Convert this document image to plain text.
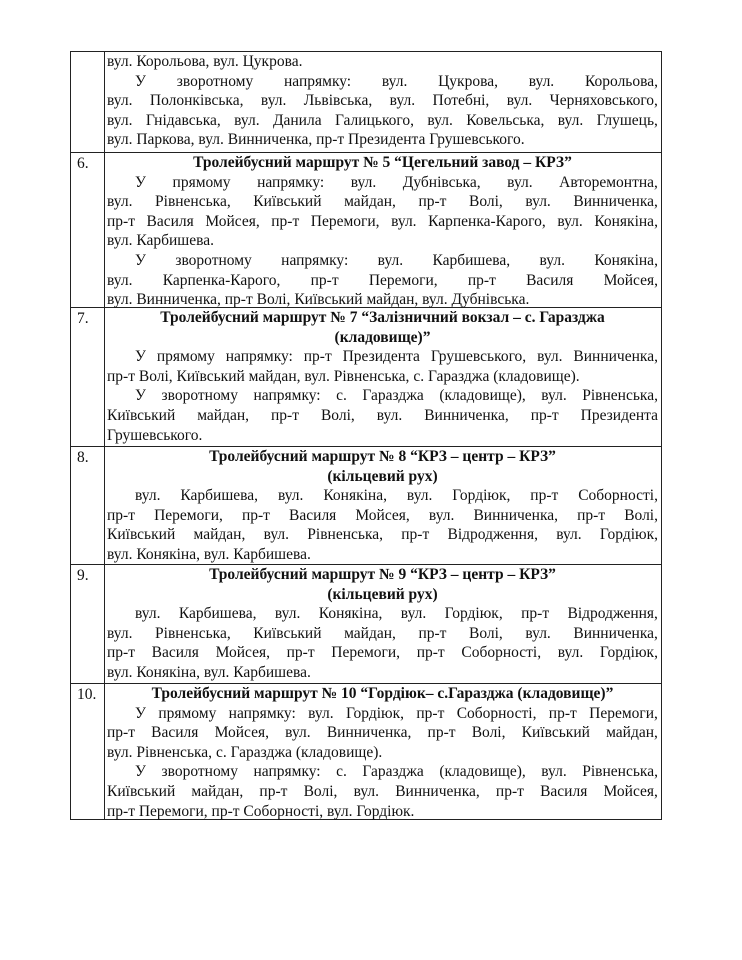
вул. Корольова, вул. Цукрова.
У зворотному напрямку: вул. Цукрова, вул. Корольова,
вул. Полонківська, вул. Львівська, вул. Потебні, вул. Черняховського,
вул. Гнідавська, вул. Данила Галицького, вул. Ковельська, вул. Глушець,
вул. Паркова, вул. Винниченка, пр-т Президента Грушевського.
6.	Тролейбусний маршрут № 5 “Цегельний завод – КРЗ”
У прямому напрямку: вул. Дубнівська, вул. Авторемонтна,
вул. Рівненська, Київський майдан, пр-т Волі, вул. Винниченка,
пр-т Василя Мойсея, пр-т Перемоги, вул. Карпенка-Карого, вул. Конякіна,
вул. Карбишева.
У зворотному напрямку: вул. Карбишева, вул. Конякіна,
вул. Карпенка-Карого, пр-т Перемоги, пр-т Василя Мойсея,
вул. Винниченка, пр-т Волі, Київський майдан, вул. Дубнівська.
7.	Тролейбусний маршрут № 7 “Залізничний вокзал – с. Гаразджа
(кладовище)”
У прямому напрямку: пр-т Президента Грушевського, вул. Винниченка,
пр-т Волі, Київський майдан, вул. Рівненська, с. Гаразджа (кладовище).
У зворотному напрямку: с. Гаразджа (кладовище), вул. Рівненська,
Київський майдан, пр-т Волі, вул. Винниченка, пр-т Президента
Грушевського.
8.	Тролейбусний маршрут № 8 “КРЗ – центр – КРЗ”
(кільцевий рух)
вул. Карбишева, вул. Конякіна, вул. Гордіюк, пр-т Соборності,
пр-т Перемоги, пр-т Василя Мойсея, вул. Винниченка, пр-т Волі,
Київський майдан, вул. Рівненська, пр-т Відродження, вул. Гордіюк,
вул. Конякіна, вул. Карбишева.
9.	Тролейбусний маршрут № 9 “КРЗ – центр – КРЗ”
(кільцевий рух)
вул. Карбишева, вул. Конякіна, вул. Гордіюк, пр-т Відродження,
вул. Рівненська, Київський майдан, пр-т Волі, вул. Винниченка,
пр-т Василя Мойсея, пр-т Перемоги, пр-т Соборності, вул. Гордіюк,
вул. Конякіна, вул. Карбишева.
10.	Тролейбусний маршрут № 10 “Гордіюк– с.Гаразджа (кладовище)”
У прямому напрямку: вул. Гордіюк, пр-т Соборності, пр-т Перемоги,
пр-т Василя Мойсея, вул. Винниченка, пр-т Волі, Київський майдан,
вул. Рівненська, с. Гаразджа (кладовище).
У зворотному напрямку: с. Гаразджа (кладовище), вул. Рівненська,
Київський майдан, пр-т Волі, вул. Винниченка, пр-т Василя Мойсея,
пр-т Перемоги, пр-т Соборності, вул. Гордіюк.
